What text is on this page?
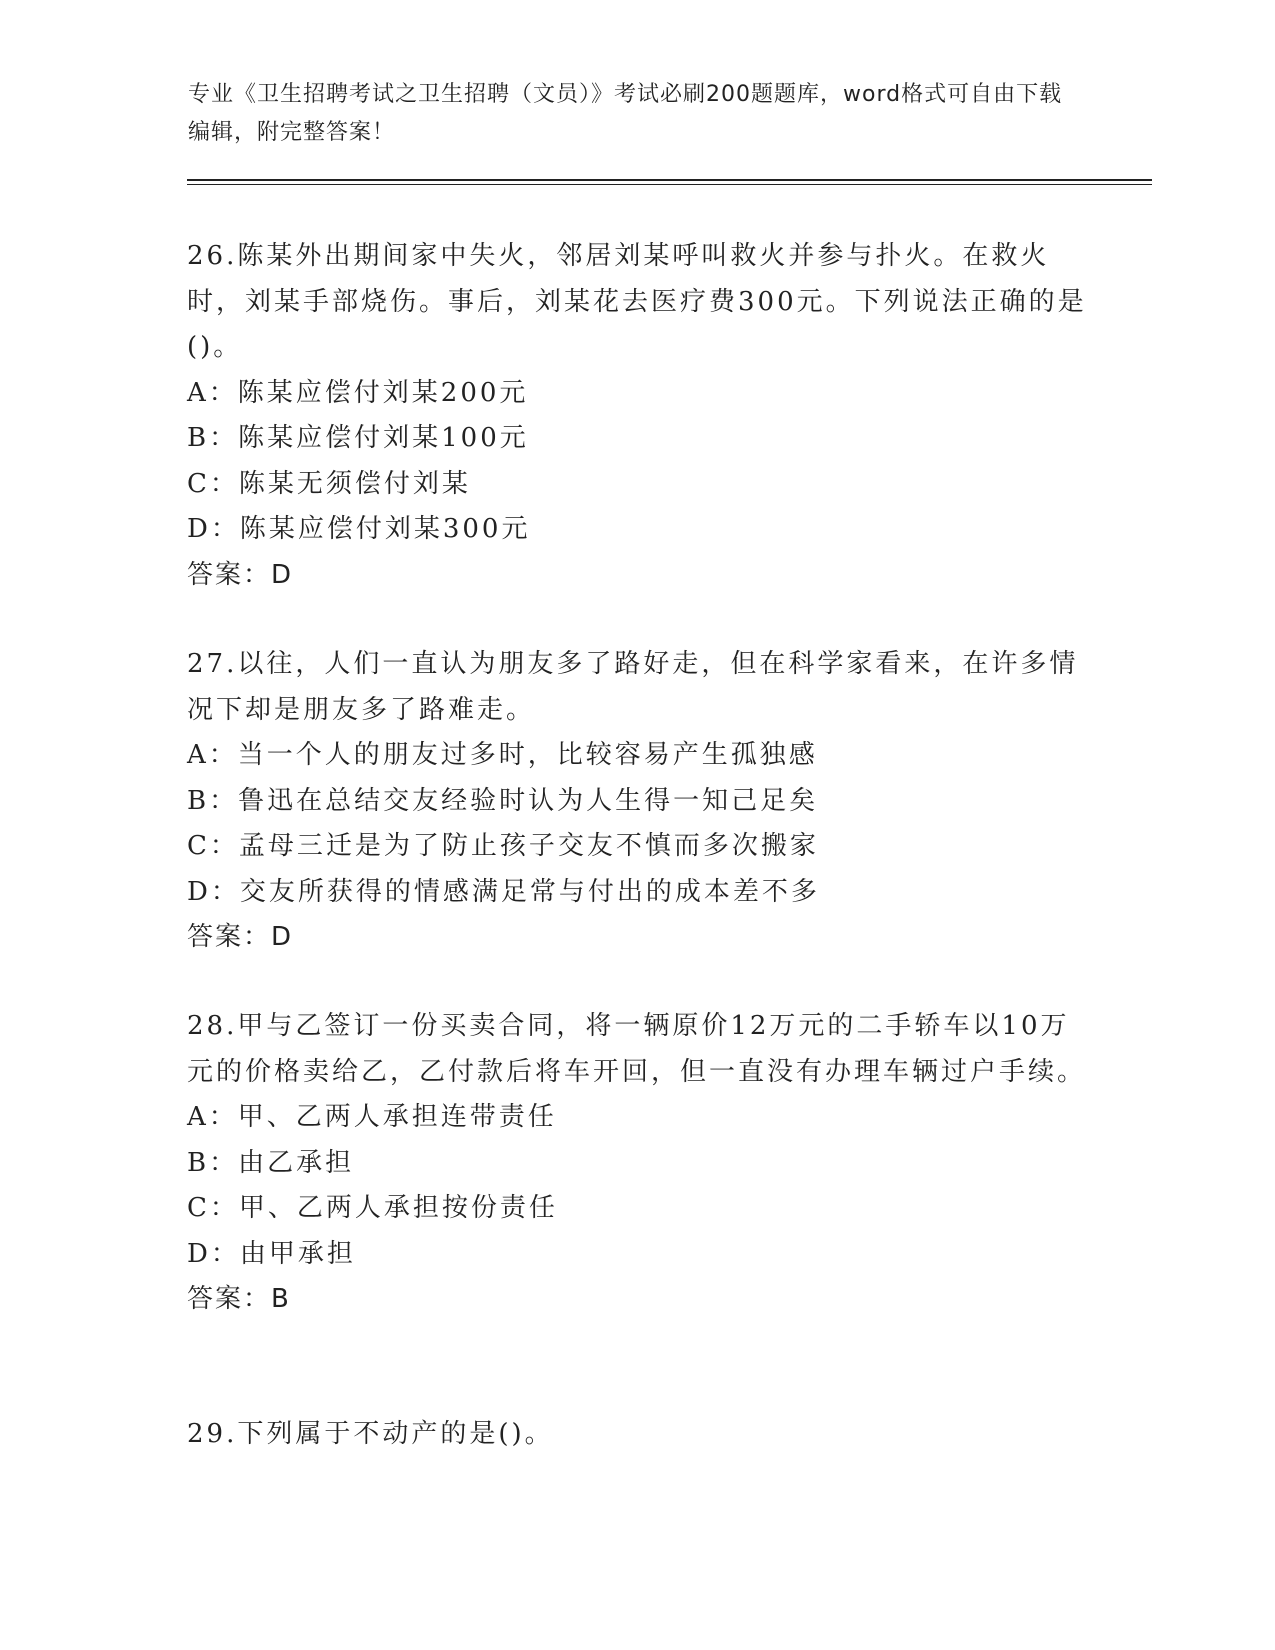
专业《卫生招聘考试之卫生招聘（文员）》考试必刷200题题库，word格式可自由下载编辑，附完整答案！

26.陈某外出期间家中失火，邻居刘某呼叫救火并参与扑火。在救火时，刘某手部烧伤。事后，刘某花去医疗费300元。下列说法正确的是()。

A：陈某应偿付刘某200元
B：陈某应偿付刘某100元
C：陈某无须偿付刘某
D：陈某应偿付刘某300元
答案：D

27.以往，人们一直认为朋友多了路好走，但在科学家看来，在许多情况下却是朋友多了路难走。

A：当一个人的朋友过多时，比较容易产生孤独感
B：鲁迅在总结交友经验时认为人生得一知己足矣
C：孟母三迁是为了防止孩子交友不慎而多次搬家
D：交友所获得的情感满足常与付出的成本差不多
答案：D

28.甲与乙签订一份买卖合同，将一辆原价12万元的二手轿车以10万元的价格卖给乙，乙付款后将车开回，但一直没有办理车辆过户手续。

A：甲、乙两人承担连带责任
B：由乙承担
C：甲、乙两人承担按份责任
D：由甲承担
答案：B

29.下列属于不动产的是()。
